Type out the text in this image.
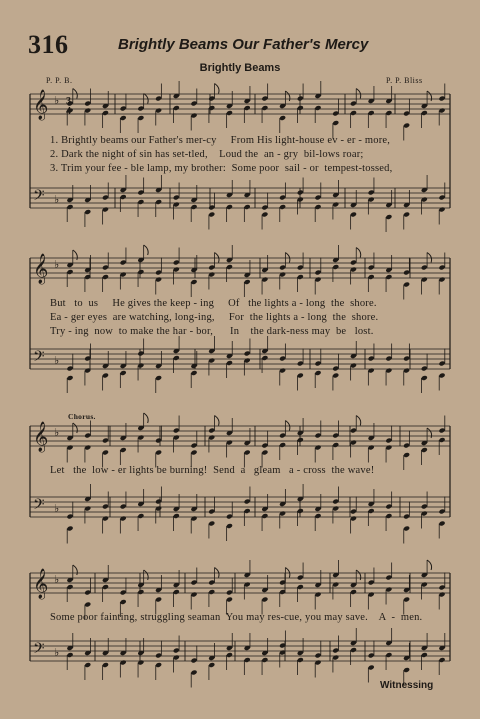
316	Brightly Beams Our Father's Mercy
Brightly Beams
P. P. B.	P. P. Bliss
𝄞
𝄢
♭
♭
3
4
𝄞
𝄢
♭
♭
𝄞
𝄢
♭
♭
𝄞
𝄢
♭
♭
1. Brightly beams our Father's mer-cy     From His light-house ev - er - more,
2. Dark the night of sin has set-tled,    Loud the  an - gry  bil-lows roar;
3. Trim your fee - ble lamp, my brother:  Some poor  sail - or  tempest-tossed,
But   to  us     He gives the keep - ing     Of   the lights a - long  the  shore.
Ea - ger eyes  are watching, long-ing,     For  the lights a - long  the  shore.
Try - ing  now  to make the har - bor,      In    the dark-ness may  be   lost.
Chorus.
Let   the  low - er lights be burning!  Send  a   gleam   a - cross  the wave!
Some poor fainting, struggling seaman  You may res-cue, you may save.    A  -  men.
Witnessing
